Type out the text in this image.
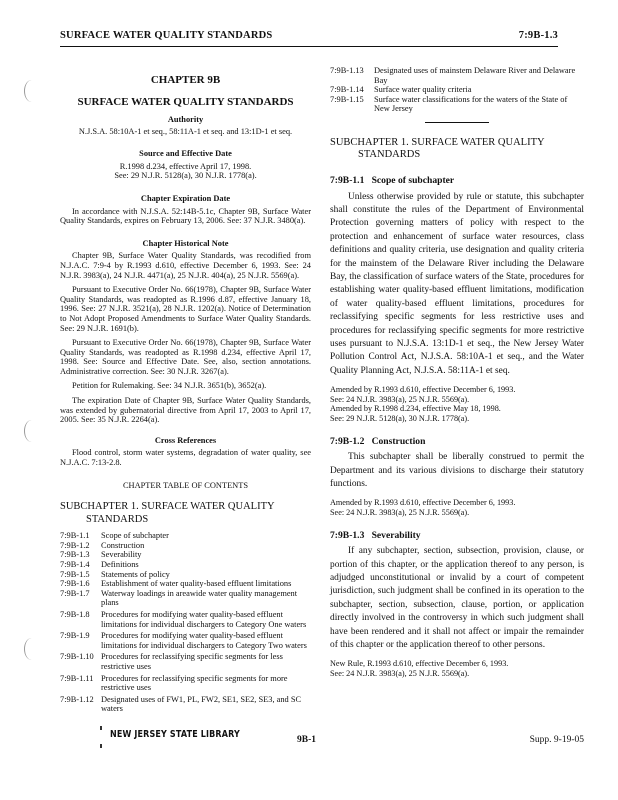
SURFACE WATER QUALITY STANDARDS	7:9B-1.3

CHAPTER 9B

SURFACE WATER QUALITY STANDARDS

Authority

N.J.S.A. 58:10A-1 et seq., 58:11A-1 et seq. and 13:1D-1 et seq.

Source and Effective Date

R.1998 d.234, effective April 17, 1998.

See: 29 N.J.R. 5128(a), 30 N.J.R. 1778(a).

Chapter Expiration Date

In accordance with N.J.S.A. 52:14B-5.1c, Chapter 9B, Surface Water Quality Standards, expires on February 13, 2006. See: 37 N.J.R. 3480(a).

Chapter Historical Note

Chapter 9B, Surface Water Quality Standards, was recodified from N.J.A.C. 7:9-4 by R.1993 d.610, effective December 6, 1993. See: 24 N.J.R. 3983(a), 24 N.J.R. 4471(a), 25 N.J.R. 404(a), 25 N.J.R. 5569(a).

Pursuant to Executive Order No. 66(1978), Chapter 9B, Surface Water Quality Standards, was readopted as R.1996 d.87, effective January 18, 1996. See: 27 N.J.R. 3521(a), 28 N.J.R. 1202(a). Notice of Determination to Not Adopt Proposed Amendments to Surface Water Quality Standards. See: 29 N.J.R. 1691(b).

Pursuant to Executive Order No. 66(1978), Chapter 9B, Surface Water Quality Standards, was readopted as R.1998 d.234, effective April 17, 1998. See: Source and Effective Date. See, also, section annotations. Administrative correction. See: 30 N.J.R. 3267(a).

Petition for Rulemaking. See: 34 N.J.R. 3651(b), 3652(a).

The expiration Date of Chapter 9B, Surface Water Quality Standards, was extended by gubernatorial directive from April 17, 2003 to April 17, 2005. See: 35 N.J.R. 2264(a).

Cross References

Flood control, storm water systems, degradation of water quality, see N.J.A.C. 7:13-2.8.

CHAPTER TABLE OF CONTENTS

SUBCHAPTER 1. SURFACE WATER QUALITY

STANDARDS

7:9B-1.1	Scope of subchapter
7:9B-1.2	Construction
7:9B-1.3	Severability
7:9B-1.4	Definitions
7:9B-1.5	Statements of policy
7:9B-1.6	Establishment of water quality-based effluent limitations
7:9B-1.7	Waterway loadings in areawide water quality management plans
7:9B-1.8	Procedures for modifying water quality-based effluent limitations for individual dischargers to Category One waters
7:9B-1.9	Procedures for modifying water quality-based effluent limitations for individual dischargers to Category Two waters
7:9B-1.10 Procedures for reclassifying specific segments for less restrictive uses
7:9B-1.11 Procedures for reclassifying specific segments for more restrictive uses
7:9B-1.12 Designated uses of FW1, PL, FW2, SE1, SE2, SE3, and SC waters
7:9B-1.13	Designated uses of mainstem Delaware River and Delaware Bay
7:9B-1.14	Surface water quality criteria
7:9B-1.15	Surface water classifications for the waters of the State of New Jersey

SUBCHAPTER 1. SURFACE WATER QUALITY

STANDARDS

7:9B-1.1   Scope of subchapter

Unless otherwise provided by rule or statute, this subchapter shall constitute the rules of the Department of Environmental Protection governing matters of policy with respect to the protection and enhancement of surface water resources, class definitions and quality criteria, use designation and quality criteria for the mainstem of the Delaware River including the Delaware Bay, the classification of surface waters of the State, procedures for establishing water quality-based effluent limitations, modification of water quality-based effluent limitations, procedures for reclassifying specific segments for less restrictive uses and procedures for reclassifying specific segments for more restrictive uses pursuant to N.J.S.A. 13:1D-1 et seq., the New Jersey Water Pollution Control Act, N.J.S.A. 58:10A-1 et seq., and the Water Quality Planning Act, N.J.S.A. 58:11A-1 et seq.

Amended by R.1993 d.610, effective December 6, 1993.

See: 24 N.J.R. 3983(a), 25 N.J.R. 5569(a).

Amended by R.1998 d.234, effective May 18, 1998.

See: 29 N.J.R. 5128(a), 30 N.J.R. 1778(a).

7:9B-1.2   Construction

This subchapter shall be liberally construed to permit the Department and its various divisions to discharge their statutory functions.

Amended by R.1993 d.610, effective December 6, 1993.

See: 24 N.J.R. 3983(a), 25 N.J.R. 5569(a).

7:9B-1.3   Severability

If any subchapter, section, subsection, provision, clause, or portion of this chapter, or the application thereof to any person, is adjudged unconstitutional or invalid by a court of competent jurisdiction, such judgment shall be confined in its operation to the subchapter, section, subsection, clause, portion, or application directly involved in the controversy in which such judgment shall have been rendered and it shall not affect or impair the remainder of this chapter or the application thereof to other persons.

New Rule, R.1993 d.610, effective December 6, 1993.

See: 24 N.J.R. 3983(a), 25 N.J.R. 5569(a).

NEW JERSEY STATE LIBRARY	9B-1	Supp. 9-19-05
